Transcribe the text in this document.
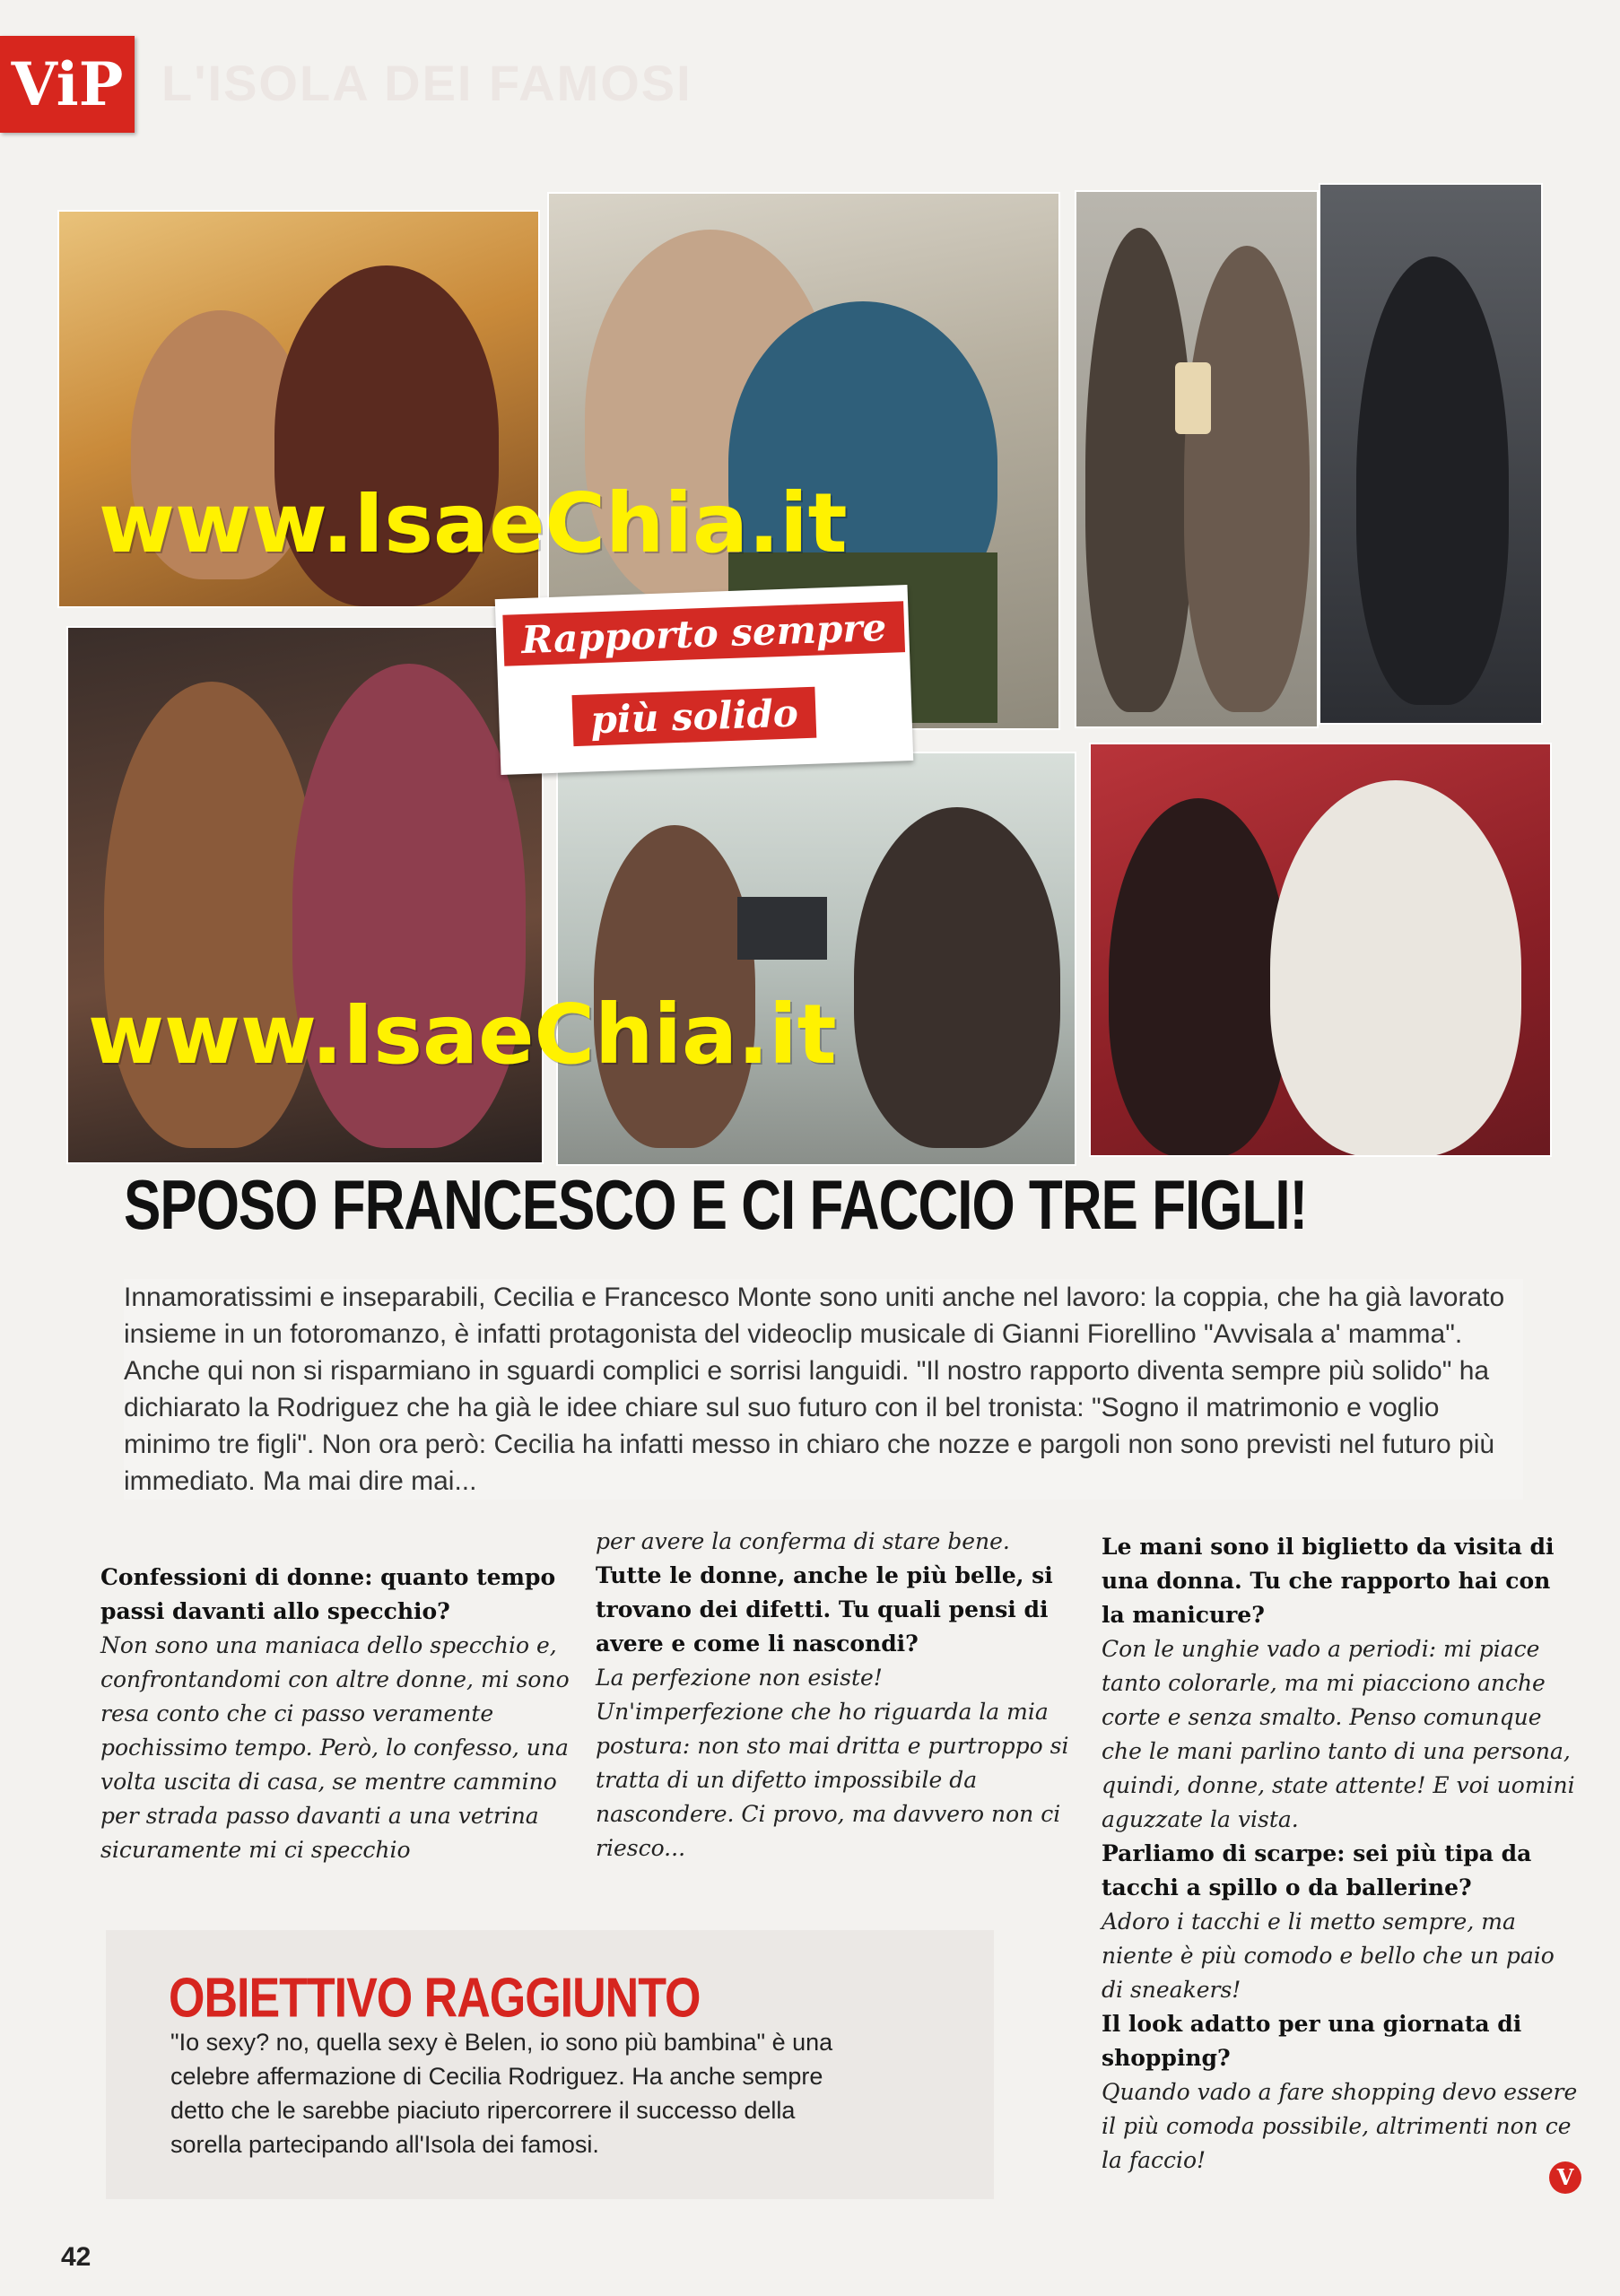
ViP L'ISOLA DEI FAMOSI
www.IsaeChia.it
www.IsaeChia.it
Rapporto sempre
più solido
SPOSO FRANCESCO E CI FACCIO TRE FIGLI!
Innamoratissimi e inseparabili, Cecilia e Francesco Monte sono uniti anche nel lavoro: la coppia, che ha già lavorato insieme in un fotoromanzo, è infatti protagonista del videoclip musicale di Gianni Fiorellino "Avvisala a' mamma". Anche qui non si risparmiano in sguardi complici e sorrisi languidi. "Il nostro rapporto diventa sempre più solido" ha dichiarato la Rodriguez che ha già le idee chiare sul suo futuro con il bel tronista: "Sogno il matrimonio e voglio minimo tre figli". Non ora però: Cecilia ha infatti messo in chiaro che nozze e pargoli non sono previsti nel futuro più immediato. Ma mai dire mai...

Confessioni di donne: quanto tempo passi davanti allo specchio?

Non sono una maniaca dello specchio e, confrontandomi con altre donne, mi sono resa conto che ci passo veramente pochissimo tempo. Però, lo confesso, una volta uscita di casa, se mentre cammino per strada passo davanti a una vetrina sicuramente mi ci specchio

per avere la conferma di stare bene.

Tutte le donne, anche le più belle, si trovano dei difetti. Tu quali pensi di avere e come li nascondi?

La perfezione non esiste! Un'imperfezione che ho riguarda la mia postura: non sto mai dritta e purtroppo si tratta di un difetto impossibile da nascondere. Ci provo, ma davvero non ci riesco...

Le mani sono il biglietto da visita di una donna. Tu che rapporto hai con la manicure?

Con le unghie vado a periodi: mi piace tanto colorarle, ma mi piacciono anche corte e senza smalto. Penso comunque che le mani parlino tanto di una persona, quindi, donne, state attente! E voi uomini aguzzate la vista.

Parliamo di scarpe: sei più tipa da tacchi a spillo o da ballerine?

Adoro i tacchi e li metto sempre, ma niente è più comodo e bello che un paio di sneakers!

Il look adatto per una giornata di shopping?

Quando vado a fare shopping devo essere il più comoda possibile, altrimenti non ce la faccio!

OBIETTIVO RAGGIUNTO
"Io sexy? no, quella sexy è Belen, io sono più bambina" è una celebre affermazione di Cecilia Rodriguez. Ha anche sempre detto che le sarebbe piaciuto ripercorrere il successo della sorella partecipando all'Isola dei famosi.
V
42
